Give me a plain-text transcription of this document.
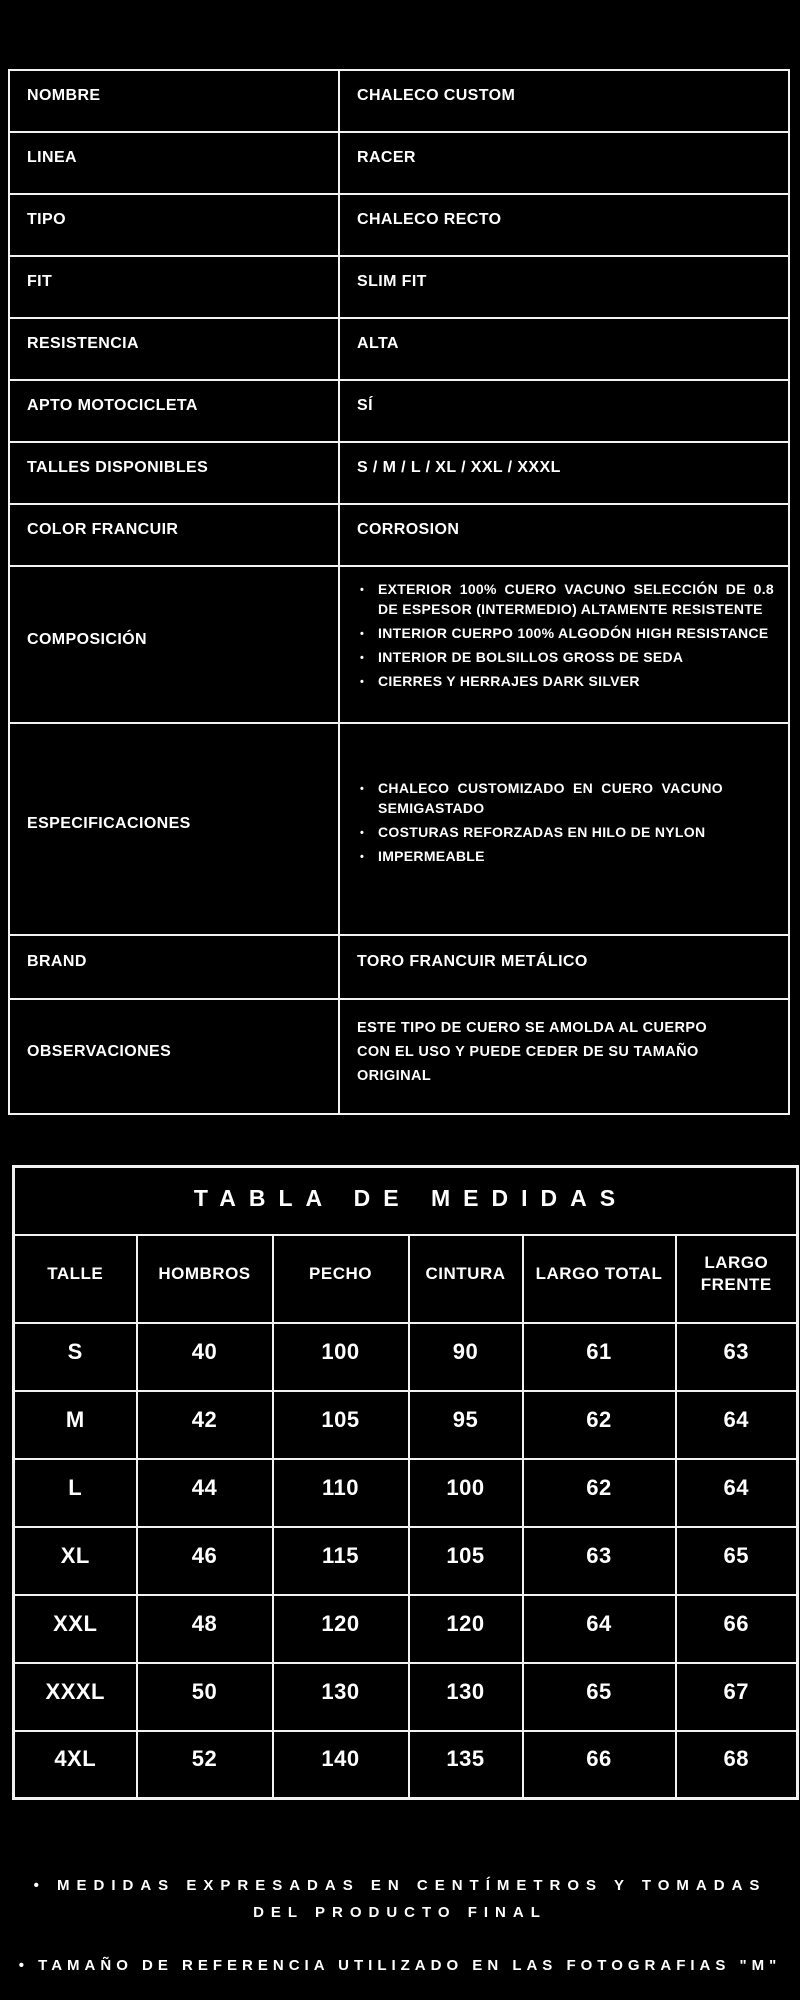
NOMBRE	CHALECO CUSTOM
LINEA	RACER
TIPO	CHALECO RECTO
FIT	SLIM FIT
RESISTENCIA	ALTA
APTO MOTOCICLETA	SÍ
TALLES DISPONIBLES	S / M / L / XL / XXL / XXXL
COLOR FRANCUIR	CORROSION
COMPOSICIÓN	
• EXTERIOR 100% CUERO VACUNO SELECCIÓN DE 0.8 DE ESPESOR (INTERMEDIO) ALTAMENTE RESISTENTE
• INTERIOR CUERPO 100% ALGODÓN HIGH RESISTANCE
• INTERIOR DE BOLSILLOS GROSS DE SEDA
• CIERRES Y HERRAJES DARK SILVER

ESPECIFICACIONES	
• CHALECO CUSTOMIZADO EN CUERO VACUNO SEMIGASTADO
• COSTURAS REFORZADAS EN HILO DE NYLON
• IMPERMEABLE

BRAND	TORO FRANCUIR METÁLICO
OBSERVACIONES	ESTE TIPO DE CUERO SE AMOLDA AL CUERPO CON EL USO Y PUEDE CEDER DE SU TAMAÑO ORIGINAL
TABLA DE MEDIDAS					
TALLE	HOMBROS	PECHO	CINTURA	LARGO TOTAL	LARGO FRENTE
S	40	100	90	61	63
M	42	105	95	62	64
L	44	110	100	62	64
XL	46	115	105	63	65
XXL	48	120	120	64	66
XXXL	50	130	130	65	67
4XL	52	140	135	66	68
• MEDIDAS EXPRESADAS EN CENTÍMETROS Y TOMADAS DEL PRODUCTO FINAL
• TAMAÑO DE REFERENCIA UTILIZADO EN LAS FOTOGRAFIAS "M"
